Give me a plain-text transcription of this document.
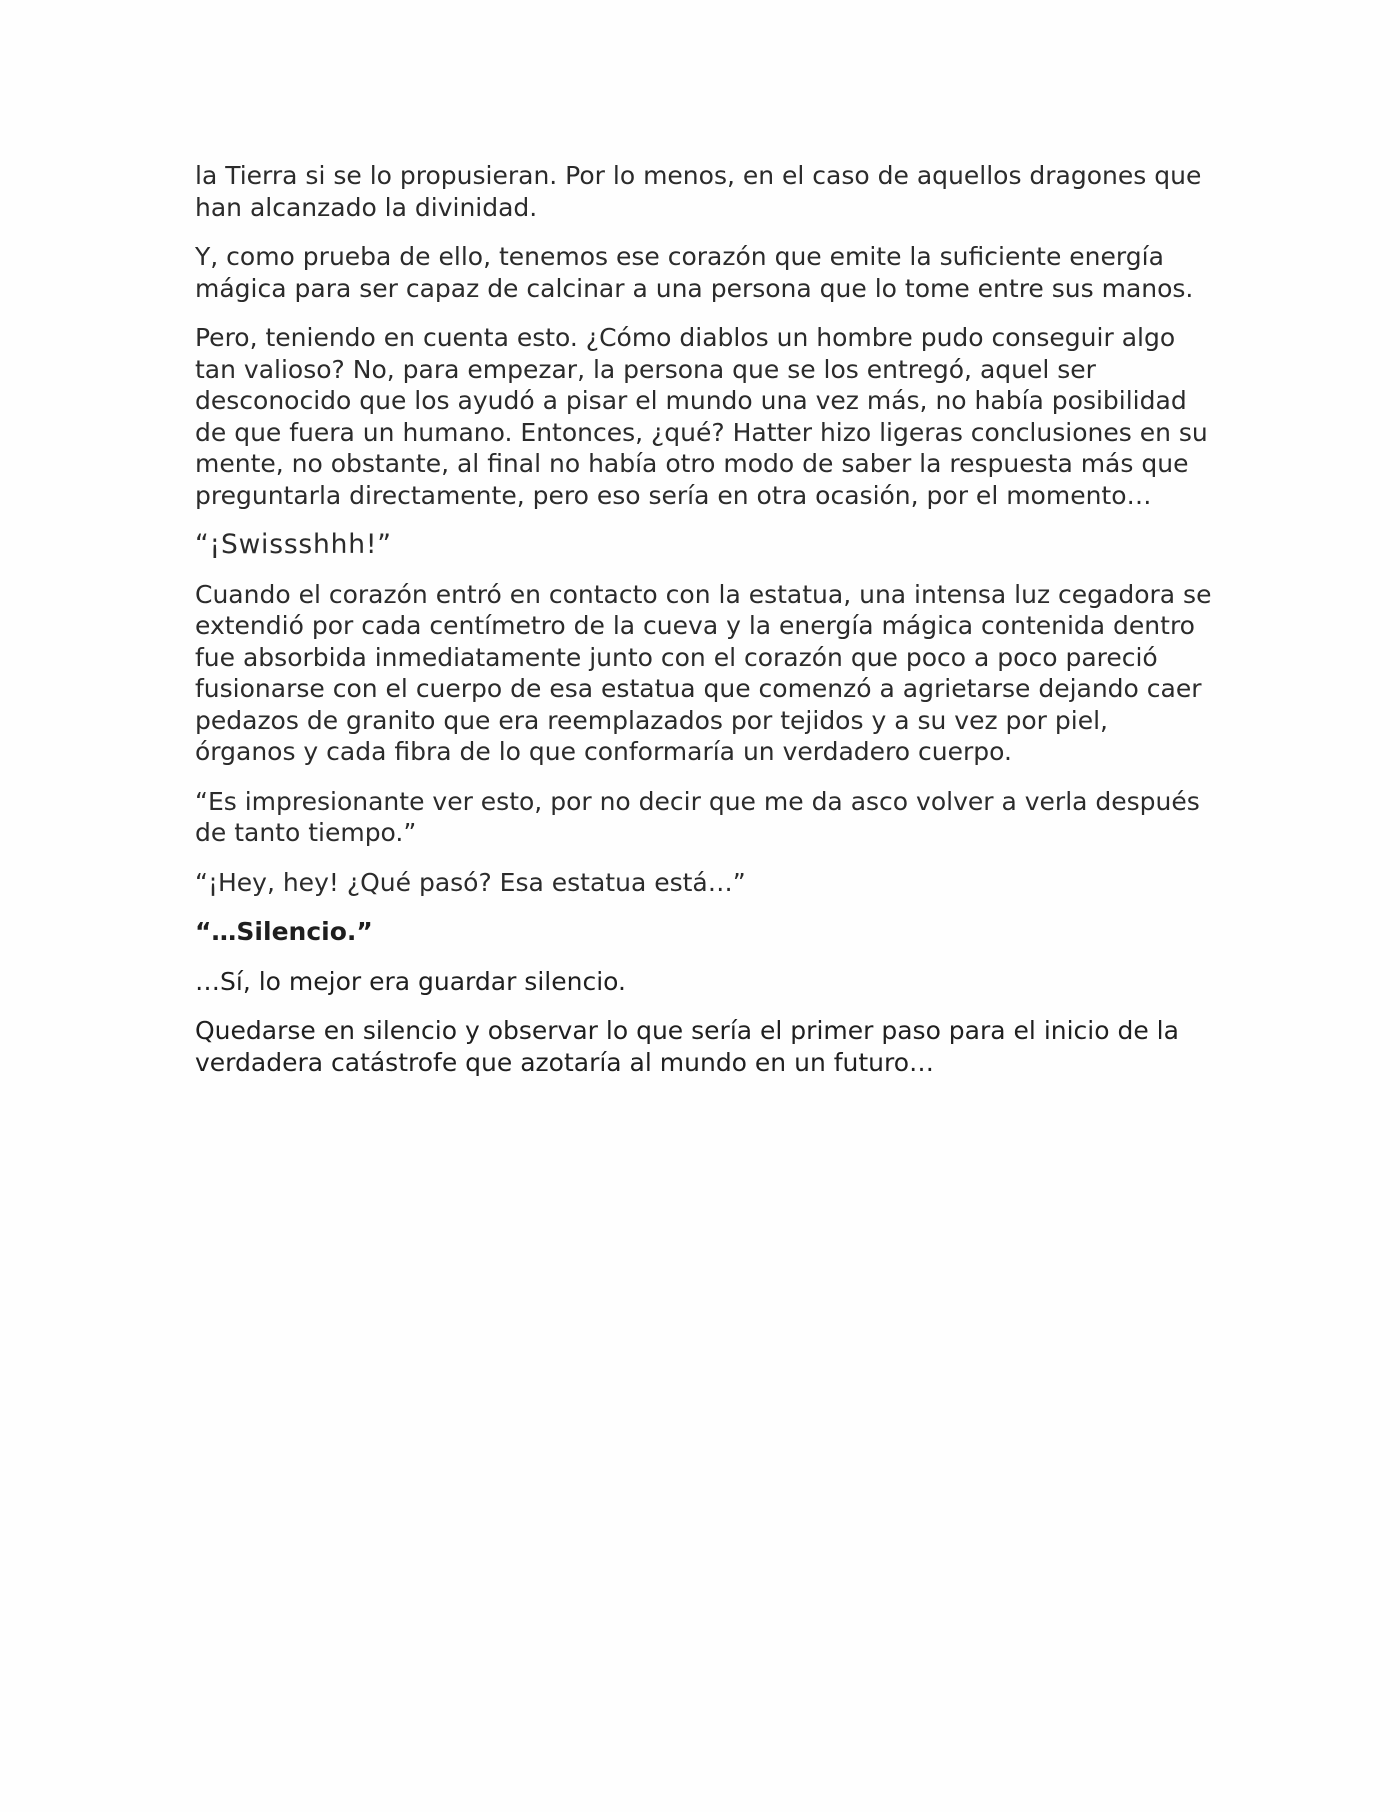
la Tierra si se lo propusieran. Por lo menos, en el caso de aquellos dragones que han alcanzado la divinidad.

Y, como prueba de ello, tenemos ese corazón que emite la suficiente energía mágica para ser capaz de calcinar a una persona que lo tome entre sus manos.

Pero, teniendo en cuenta esto. ¿Cómo diablos un hombre pudo conseguir algo tan valioso? No, para empezar, la persona que se los entregó, aquel ser desconocido que los ayudó a pisar el mundo una vez más, no había posibilidad de que fuera un humano. Entonces, ¿qué? Hatter hizo ligeras conclusiones en su mente, no obstante, al final no había otro modo de saber la respuesta más que preguntarla directamente, pero eso sería en otra ocasión, por el momento…

“¡Swissshhh!”

Cuando el corazón entró en contacto con la estatua, una intensa luz cegadora se extendió por cada centímetro de la cueva y la energía mágica contenida dentro fue absorbida inmediatamente junto con el corazón que poco a poco pareció fusionarse con el cuerpo de esa estatua que comenzó a agrietarse dejando caer pedazos de granito que era reemplazados por tejidos y a su vez por piel, órganos y cada fibra de lo que conformaría un verdadero cuerpo.

“Es impresionante ver esto, por no decir que me da asco volver a verla después de tanto tiempo.”

“¡Hey, hey! ¿Qué pasó? Esa estatua está…”

“…Silencio.”

…Sí, lo mejor era guardar silencio.

Quedarse en silencio y observar lo que sería el primer paso para el inicio de la verdadera catástrofe que azotaría al mundo en un futuro…
